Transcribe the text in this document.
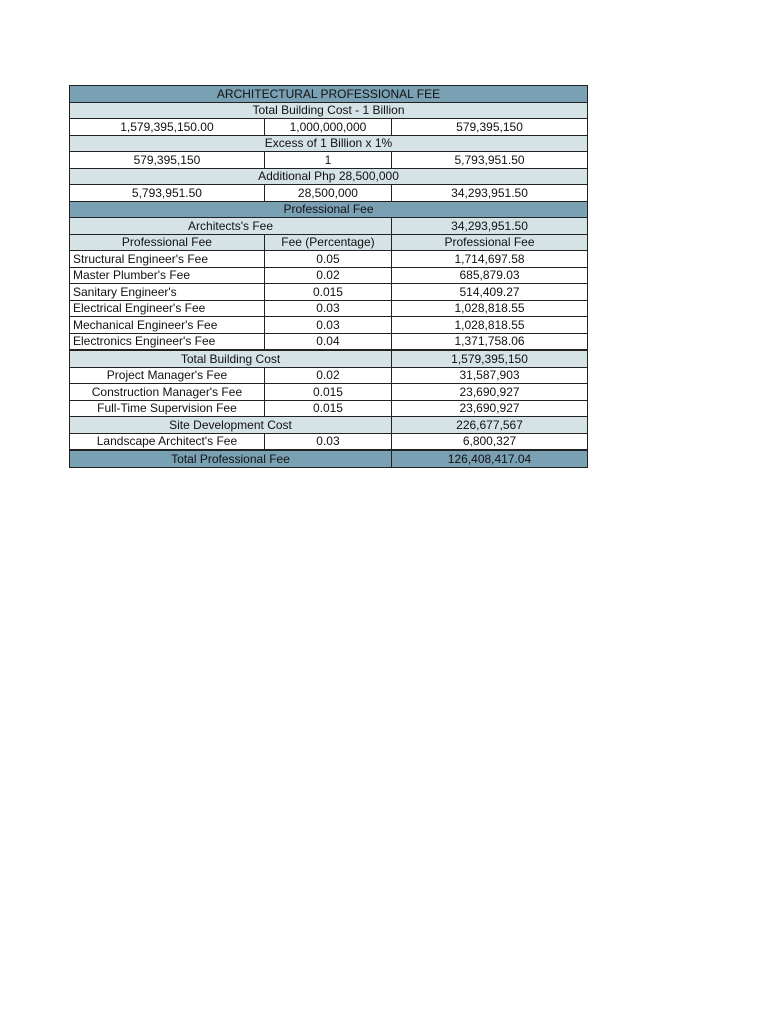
ARCHITECTURAL PROFESSIONAL FEE		
Total Building Cost - 1 Billion		
1,579,395,150.00	1,000,000,000	579,395,150
Excess of 1 Billion x 1%		
579,395,150	1	5,793,951.50
Additional Php 28,500,000		
5,793,951.50	28,500,000	34,293,951.50
Professional Fee		
Architects's Fee		34,293,951.50
Professional Fee	Fee (Percentage)	Professional Fee
Structural Engineer's Fee	0.05	1,714,697.58
Master Plumber's Fee	0.02	685,879.03
Sanitary Engineer's	0.015	514,409.27
Electrical Engineer's Fee	0.03	1,028,818.55
Mechanical Engineer's Fee	0.03	1,028,818.55
Electronics Engineer's Fee	0.04	1,371,758.06
Total Building Cost		1,579,395,150
Project Manager's Fee	0.02	31,587,903
Construction Manager's Fee	0.015	23,690,927
Full-Time Supervision Fee	0.015	23,690,927
Site Development Cost		226,677,567
Landscape Architect's Fee	0.03	6,800,327
Total Professional Fee		126,408,417.04
